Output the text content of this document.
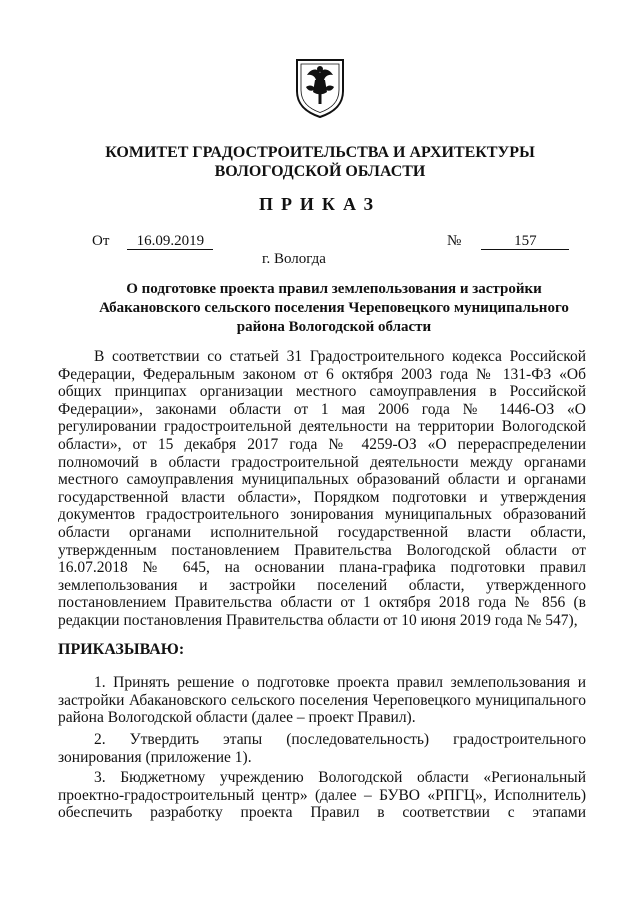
КОМИТЕТ ГРАДОСТРОИТЕЛЬСТВА И АРХИТЕКТУРЫ
ВОЛОГОДСКОЙ ОБЛАСТИ
ПРИКАЗ
От 16.09.2019	№	157
г. Вологда
О подготовке проекта правил землепользования и застройки Абакановского сельского поселения Череповецкого муниципального района Вологодской области
В соответствии со статьей 31 Градостроительного кодекса Российской Федерации, Федеральным законом от 6 октября 2003 года № 131-ФЗ «Об общих принципах организации местного самоуправления в Российской Федерации», законами области от 1 мая 2006 года № 1446-ОЗ «О регулировании градостроительной деятельности на территории Вологодской области», от 15 декабря 2017 года № 4259-ОЗ «О перераспределении полномочий в области градостроительной деятельности между органами местного самоуправления муниципальных образований области и органами государственной власти области», Порядком подготовки и утверждения документов градостроительного зонирования муниципальных образований области органами исполнительной государственной власти области, утвержденным постановлением Правительства Вологодской области от 16.07.2018 № 645, на основании плана-графика подготовки правил землепользования и застройки поселений области, утвержденного постановлением Правительства области от 1 октября 2018 года № 856 (в редакции постановления Правительства области от 10 июня 2019 года № 547),
ПРИКАЗЫВАЮ:
1. Принять решение о подготовке проекта правил землепользования и застройки Абакановского сельского поселения Череповецкого муниципального района Вологодской области (далее – проект Правил).
2. Утвердить этапы (последовательность) градостроительного зонирования (приложение 1).
3. Бюджетному учреждению Вологодской области «Региональный проектно-градостроительный центр» (далее – БУВО «РПГЦ», Исполнитель) обеспечить разработку проекта Правил в соответствии с этапами
